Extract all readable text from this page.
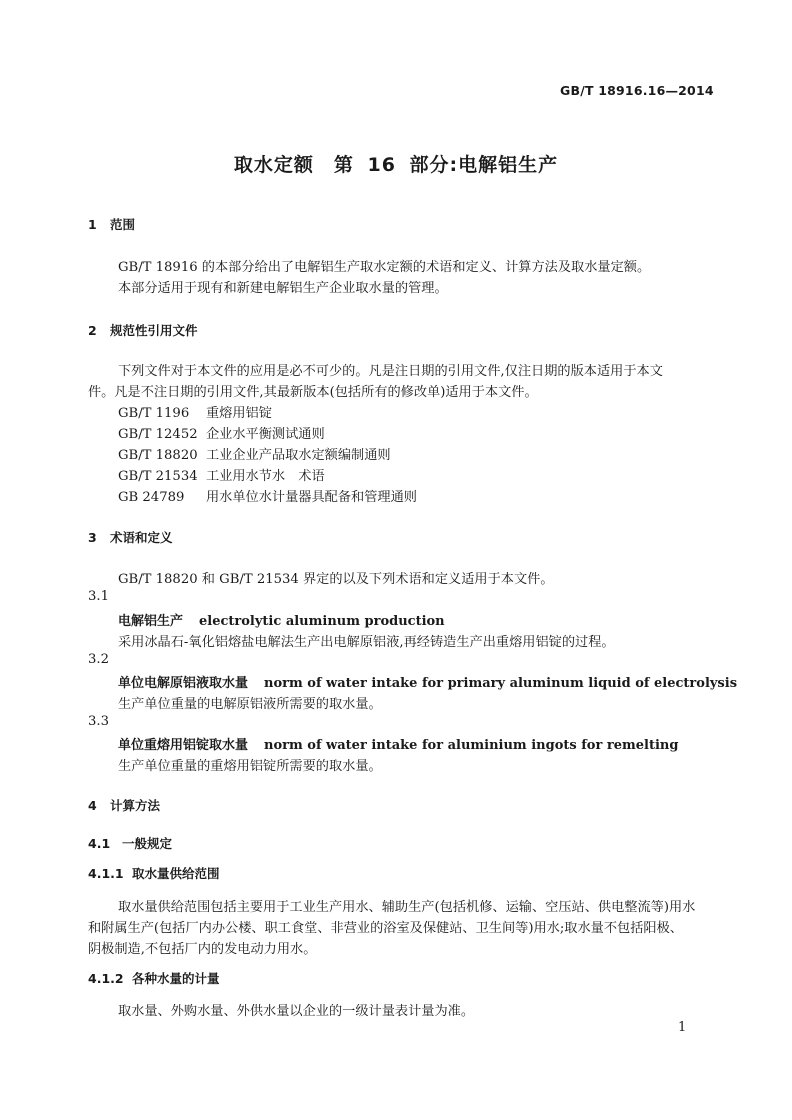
GB/T 18916.16—2014
取水定额　第 16 部分:电解铝生产
1 范围
GB/T 18916 的本部分给出了电解铝生产取水定额的术语和定义、计算方法及取水量定额。
本部分适用于现有和新建电解铝生产企业取水量的管理。
2 规范性引用文件
下列文件对于本文件的应用是必不可少的。凡是注日期的引用文件,仅注日期的版本适用于本文
件。凡是不注日期的引用文件,其最新版本(包括所有的修改单)适用于本文件。
GB/T 1196 重熔用铝锭
GB/T 12452 企业水平衡测试通则
GB/T 18820 工业企业产品取水定额编制通则
GB/T 21534 工业用水节水　术语
GB 24789 用水单位水计量器具配备和管理通则
3 术语和定义
GB/T 18820 和 GB/T 21534 界定的以及下列术语和定义适用于本文件。
3.1
电解铝生产 electrolytic aluminum production
采用冰晶石-氧化铝熔盐电解法生产出电解原铝液,再经铸造生产出重熔用铝锭的过程。
3.2
单位电解原铝液取水量 norm of water intake for primary aluminum liquid of electrolysis
生产单位重量的电解原铝液所需要的取水量。
3.3
单位重熔用铝锭取水量 norm of water intake for aluminium ingots for remelting
生产单位重量的重熔用铝锭所需要的取水量。
4 计算方法
4.1 一般规定
4.1.1 取水量供给范围
取水量供给范围包括主要用于工业生产用水、辅助生产(包括机修、运输、空压站、供电整流等)用水
和附属生产(包括厂内办公楼、职工食堂、非营业的浴室及保健站、卫生间等)用水;取水量不包括阳极、
阴极制造,不包括厂内的发电动力用水。
4.1.2 各种水量的计量
取水量、外购水量、外供水量以企业的一级计量表计量为准。
1
